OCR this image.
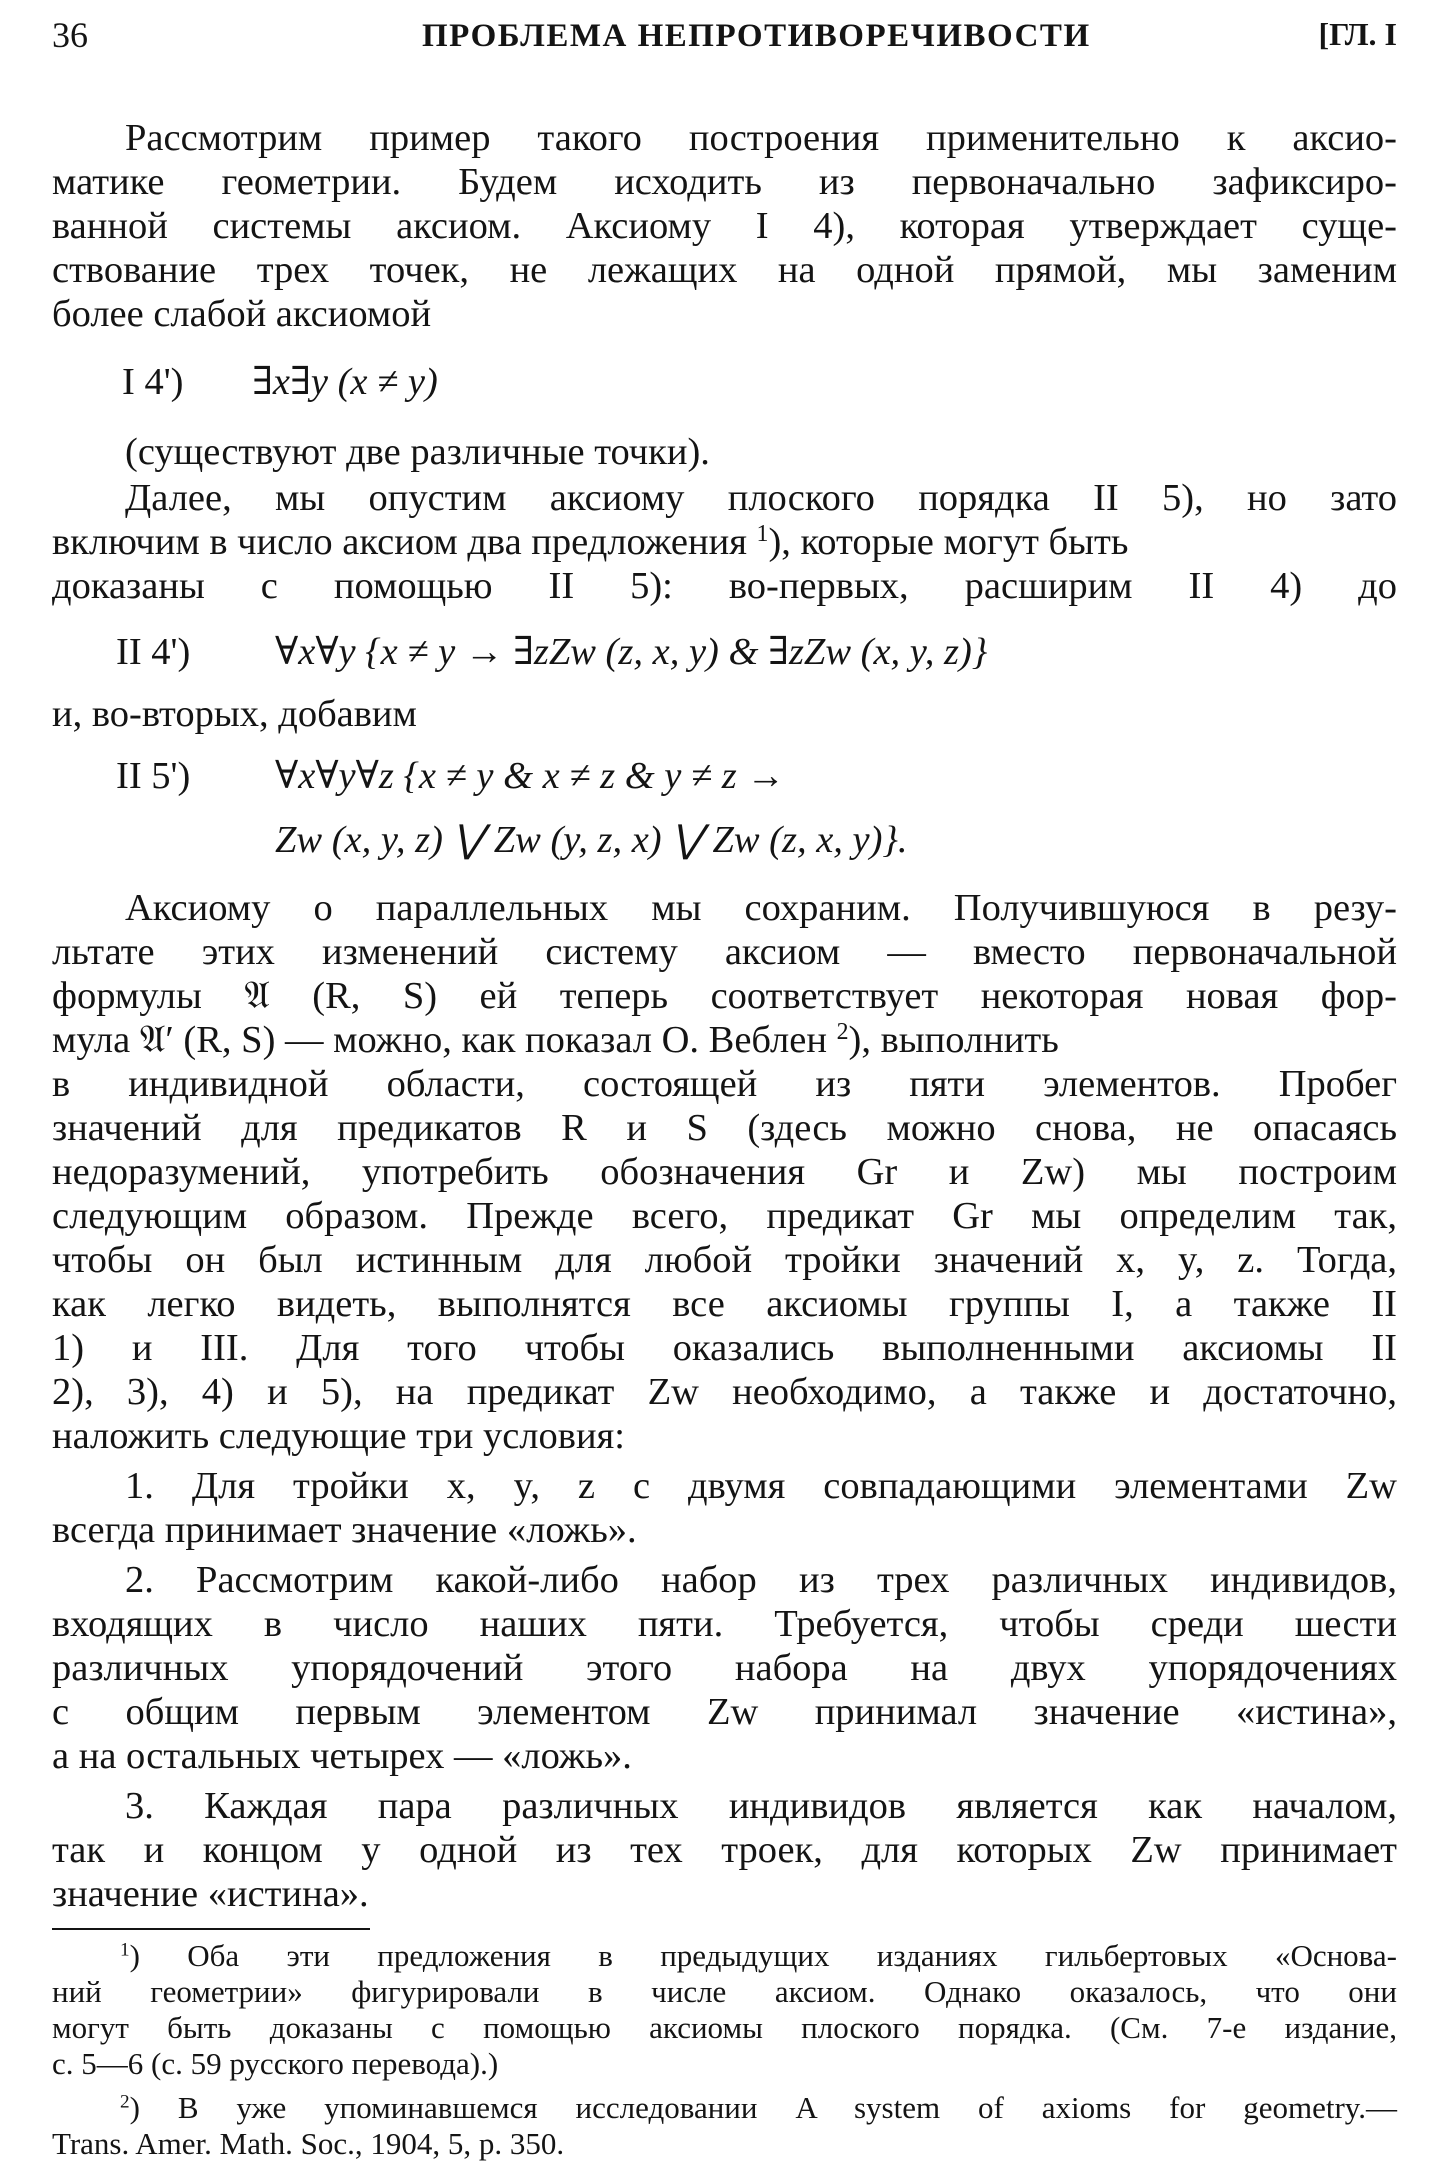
36	ПРОБЛЕМА НЕПРОТИВОРЕЧИВОСТИ	[ГЛ. I
Рассмотрим пример такого построения применительно к аксио-
матике геометрии. Будем исходить из первоначально зафиксиро-
ванной системы аксиом. Аксиому I 4), которая утверждает суще-
ствование трех точек, не лежащих на одной прямой, мы заменим
более слабой аксиомой
I 4') ∃x∃y (x ≠ y)
(существуют две различные точки).
Далее, мы опустим аксиому плоского порядка II 5), но зато
включим в число аксиом два предложения $^1$), которые могут быть
доказаны с помощью II 5): во-первых, расширим II 4) до
II 4') ∀x∀y {x ≠ y → ∃zZw (z, x, y) & ∃zZw (x, y, z)}
и, во-вторых, добавим
II 5') ∀x∀y∀z {x ≠ y & x ≠ z & y ≠ z →
Zw (x, y, z) ⋁ Zw (y, z, x) ⋁ Zw (z, x, y)}.
Аксиому о параллельных мы сохраним. Получившуюся в резу-
льтате этих изменений систему аксиом — вместо первоначальной
формулы 𝔄 (R, S) ей теперь соответствует некоторая новая фор-
мула 𝔄′ (R, S) — можно, как показал О. Веблен $^2$), выполнить
в индивидной области, состоящей из пяти элементов. Пробег
значений для предикатов R и S (здесь можно снова, не опасаясь
недоразумений, употребить обозначения Gr и Zw) мы построим
следующим образом. Прежде всего, предикат Gr мы определим так,
чтобы он был истинным для любой тройки значений x, y, z. Тогда,
как легко видеть, выполнятся все аксиомы группы I, а также II
1) и III. Для того чтобы оказались выполненными аксиомы II
2), 3), 4) и 5), на предикат Zw необходимо, а также и достаточно,
наложить следующие три условия:
1. Для тройки x, y, z с двумя совпадающими элементами Zw
всегда принимает значение «ложь».
2. Рассмотрим какой-либо набор из трех различных индивидов,
входящих в число наших пяти. Требуется, чтобы среди шести
различных упорядочений этого набора на двух упорядочениях
с общим первым элементом Zw принимал значение «истина»,
а на остальных четырех — «ложь».
3. Каждая пара различных индивидов является как началом,
так и концом у одной из тех троек, для которых Zw принимает
значение «истина».
$^1$) Оба эти предложения в предыдущих изданиях гильбертовых «Основа-
ний геометрии» фигурировали в числе аксиом. Однако оказалось, что они
могут быть доказаны с помощью аксиомы плоского порядка. (См. 7-е издание,
с. 5—6 (с. 59 русского перевода).)
$^2$) В уже упоминавшемся исследовании A system of axioms for geometry.—
Trans. Amer. Math. Soc., 1904, 5, p. 350.
